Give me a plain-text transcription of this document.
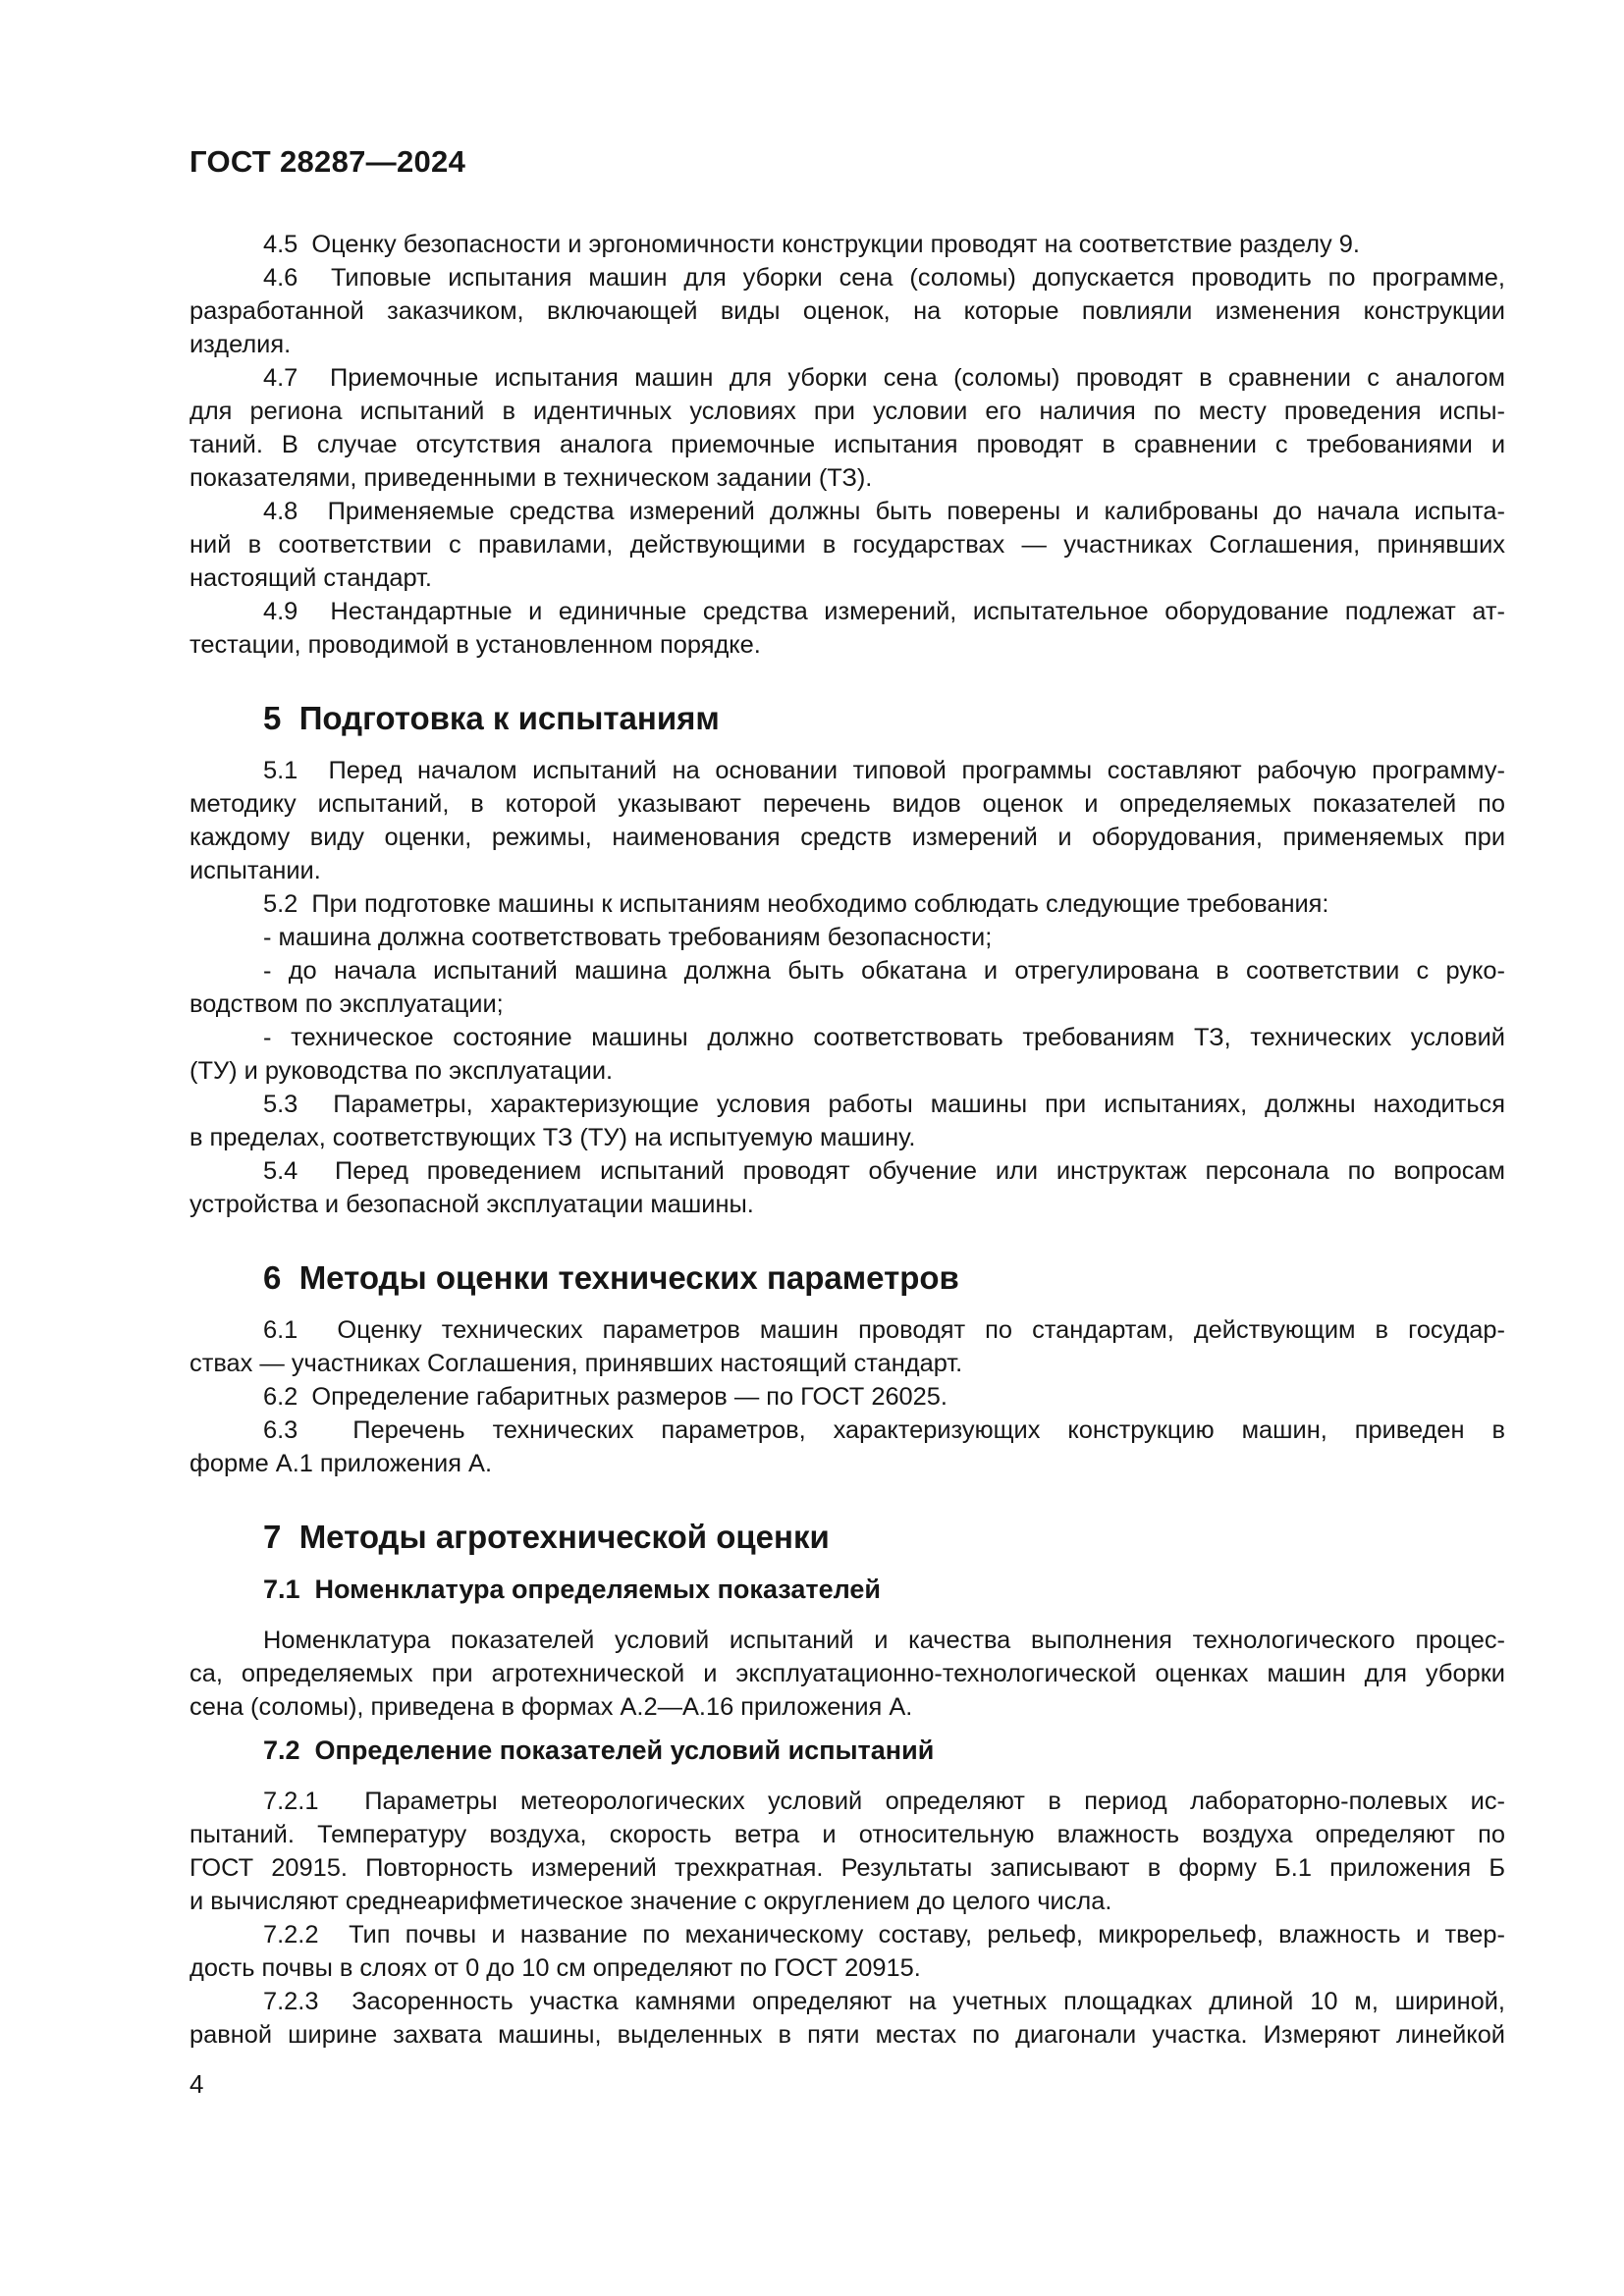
ГОСТ 28287—2024
4.5  Оценку безопасности и эргономичности конструкции проводят на соответствие разделу 9.
4.6  Типовые испытания машин для уборки сена (соломы) допускается проводить по программе,
разработанной заказчиком, включающей виды оценок, на которые повлияли изменения конструкции
изделия.
4.7  Приемочные испытания машин для уборки сена (соломы) проводят в сравнении с аналогом
для региона испытаний в идентичных условиях при условии его наличия по месту проведения испы-
таний. В случае отсутствия аналога приемочные испытания проводят в сравнении с требованиями и
показателями, приведенными в техническом задании (ТЗ).
4.8  Применяемые средства измерений должны быть поверены и калиброваны до начала испыта-
ний в соответствии с правилами, действующими в государствах — участниках Соглашения, принявших
настоящий стандарт.
4.9  Нестандартные и единичные средства измерений, испытательное оборудование подлежат ат-
тестации, проводимой в установленном порядке.
5  Подготовка к испытаниям
5.1  Перед началом испытаний на основании типовой программы составляют рабочую программу-
методику испытаний, в которой указывают перечень видов оценок и определяемых показателей по
каждому виду оценки, режимы, наименования средств измерений и оборудования, применяемых при
испытании.
5.2  При подготовке машины к испытаниям необходимо соблюдать следующие требования:
- машина должна соответствовать требованиям безопасности;
- до начала испытаний машина должна быть обкатана и отрегулирована в соответствии с руко-
водством по эксплуатации;
- техническое состояние машины должно соответствовать требованиям ТЗ, технических условий
(ТУ) и руководства по эксплуатации.
5.3  Параметры, характеризующие условия работы машины при испытаниях, должны находиться
в пределах, соответствующих ТЗ (ТУ) на испытуемую машину.
5.4  Перед проведением испытаний проводят обучение или инструктаж персонала по вопросам
устройства и безопасной эксплуатации машины.
6  Методы оценки технических параметров
6.1  Оценку технических параметров машин проводят по стандартам, действующим в государ-
ствах — участниках Соглашения, принявших настоящий стандарт.
6.2  Определение габаритных размеров — по ГОСТ 26025.
6.3  Перечень технических параметров, характеризующих конструкцию машин, приведен в
форме А.1 приложения А.
7  Методы агротехнической оценки
7.1  Номенклатура определяемых показателей
Номенклатура показателей условий испытаний и качества выполнения технологического процес-
са, определяемых при агротехнической и эксплуатационно-технологической оценках машин для уборки
сена (соломы), приведена в формах А.2—А.16 приложения А.
7.2  Определение показателей условий испытаний
7.2.1  Параметры метеорологических условий определяют в период лабораторно-полевых ис-
пытаний. Температуру воздуха, скорость ветра и относительную влажность воздуха определяют по
ГОСТ 20915. Повторность измерений трехкратная. Результаты записывают в форму Б.1 приложения Б
и вычисляют среднеарифметическое значение с округлением до целого числа.
7.2.2  Тип почвы и название по механическому составу, рельеф, микрорельеф, влажность и твер-
дость почвы в слоях от 0 до 10 см определяют по ГОСТ 20915.
7.2.3  Засоренность участка камнями определяют на учетных площадках длиной 10 м, шириной,
равной ширине захвата машины, выделенных в пяти местах по диагонали участка. Измеряют линейкой
4
